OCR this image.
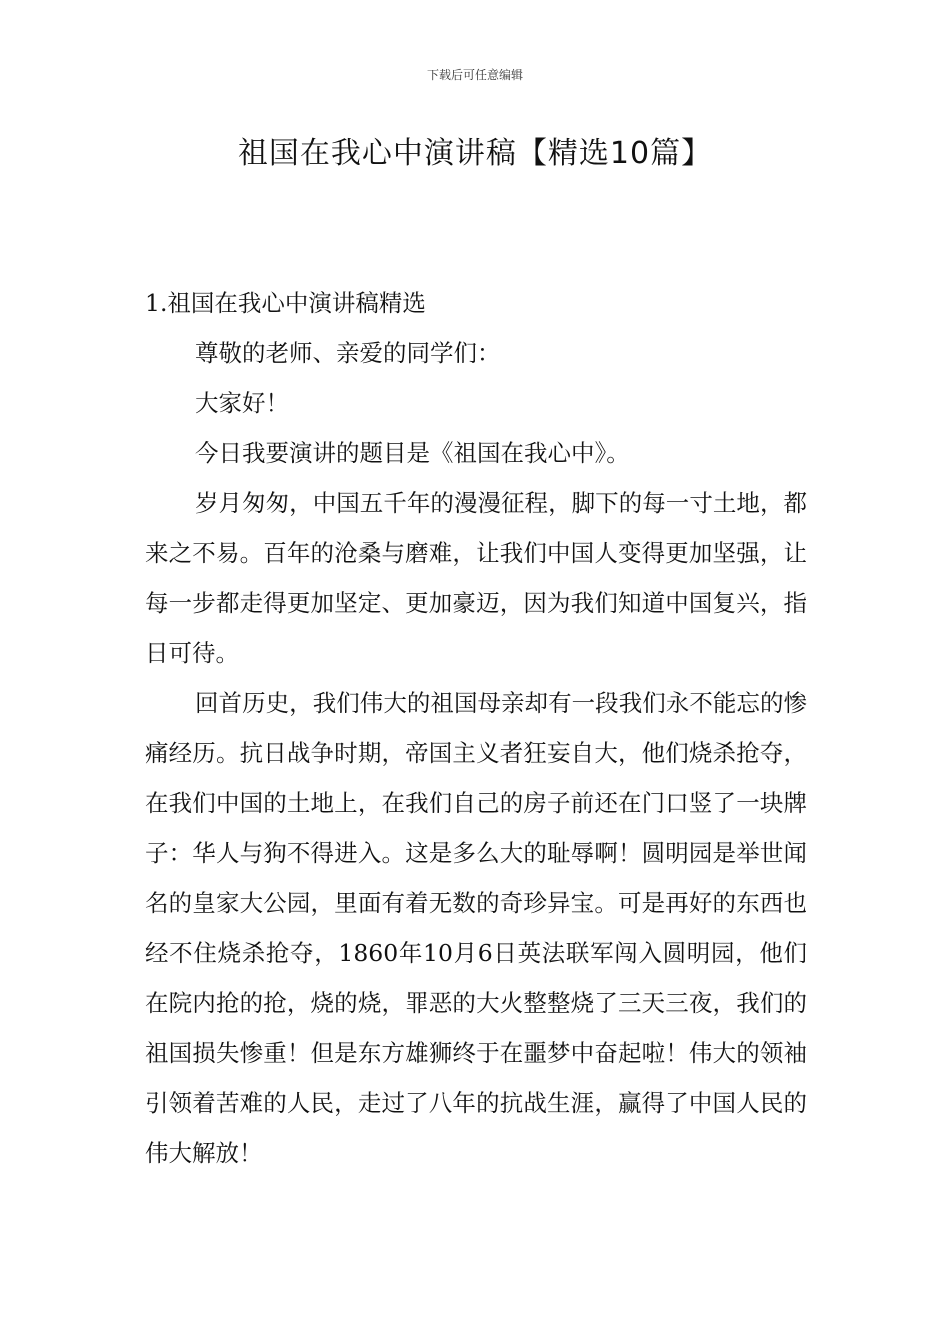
下载后可任意编辑
祖国在我心中演讲稿【精选10篇】

1.祖国在我心中演讲稿精选

尊敬的老师、亲爱的同学们：

大家好！

今日我要演讲的题目是《祖国在我心中》。

岁月匆匆，中国五千年的漫漫征程，脚下的每一寸土地，都来之不易。百年的沧桑与磨难，让我们中国人变得更加坚强，让每一步都走得更加坚定、更加豪迈，因为我们知道中国复兴，指日可待。

回首历史，我们伟大的祖国母亲却有一段我们永不能忘的惨痛经历。抗日战争时期，帝国主义者狂妄自大，他们烧杀抢夺，在我们中国的土地上，在我们自己的房子前还在门口竖了一块牌子：华人与狗不得进入。这是多么大的耻辱啊！圆明园是举世闻名的皇家大公园，里面有着无数的奇珍异宝。可是再好的东西也经不住烧杀抢夺，1860年10月6日英法联军闯入圆明园，他们在院内抢的抢，烧的烧，罪恶的大火整整烧了三天三夜，我们的祖国损失惨重！但是东方雄狮终于在噩梦中奋起啦！伟大的领袖引领着苦难的人民，走过了八年的抗战生涯，赢得了中国人民的伟大解放！
